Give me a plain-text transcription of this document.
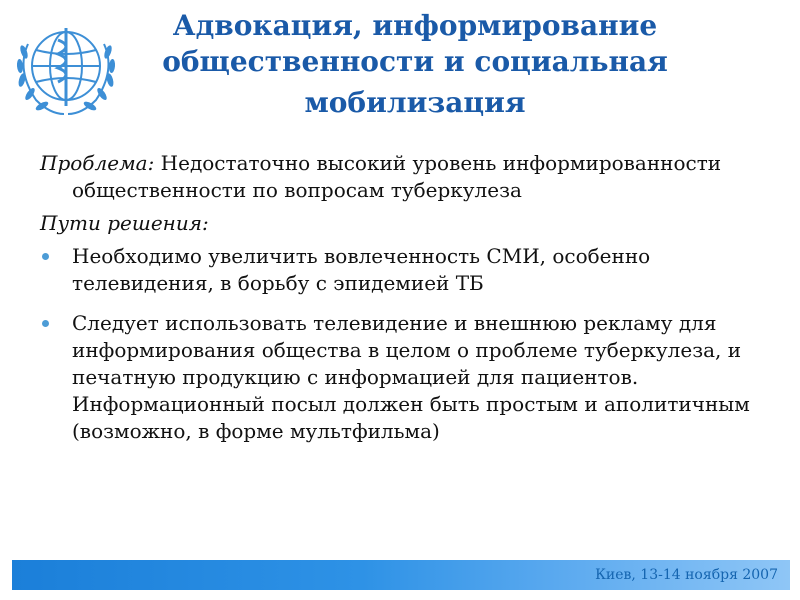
Адвокация, информирование
общественности и социальная

мобилизация

Проблема: Недостаточно высокий уровень информированности общественности по вопросам туберкулеза

Пути решения:
Необходимо увеличить вовлеченность СМИ, особенно телевидения, в борьбу с эпидемией ТБ
Следует использовать телевидение и внешнюю рекламу для информирования общества в целом о проблеме туберкулеза, и печатную продукцию с информацией для пациентов. Информационный посыл должен быть простым и аполитичным (возможно, в форме мультфильма)
Киев, 13-14 ноября 2007
